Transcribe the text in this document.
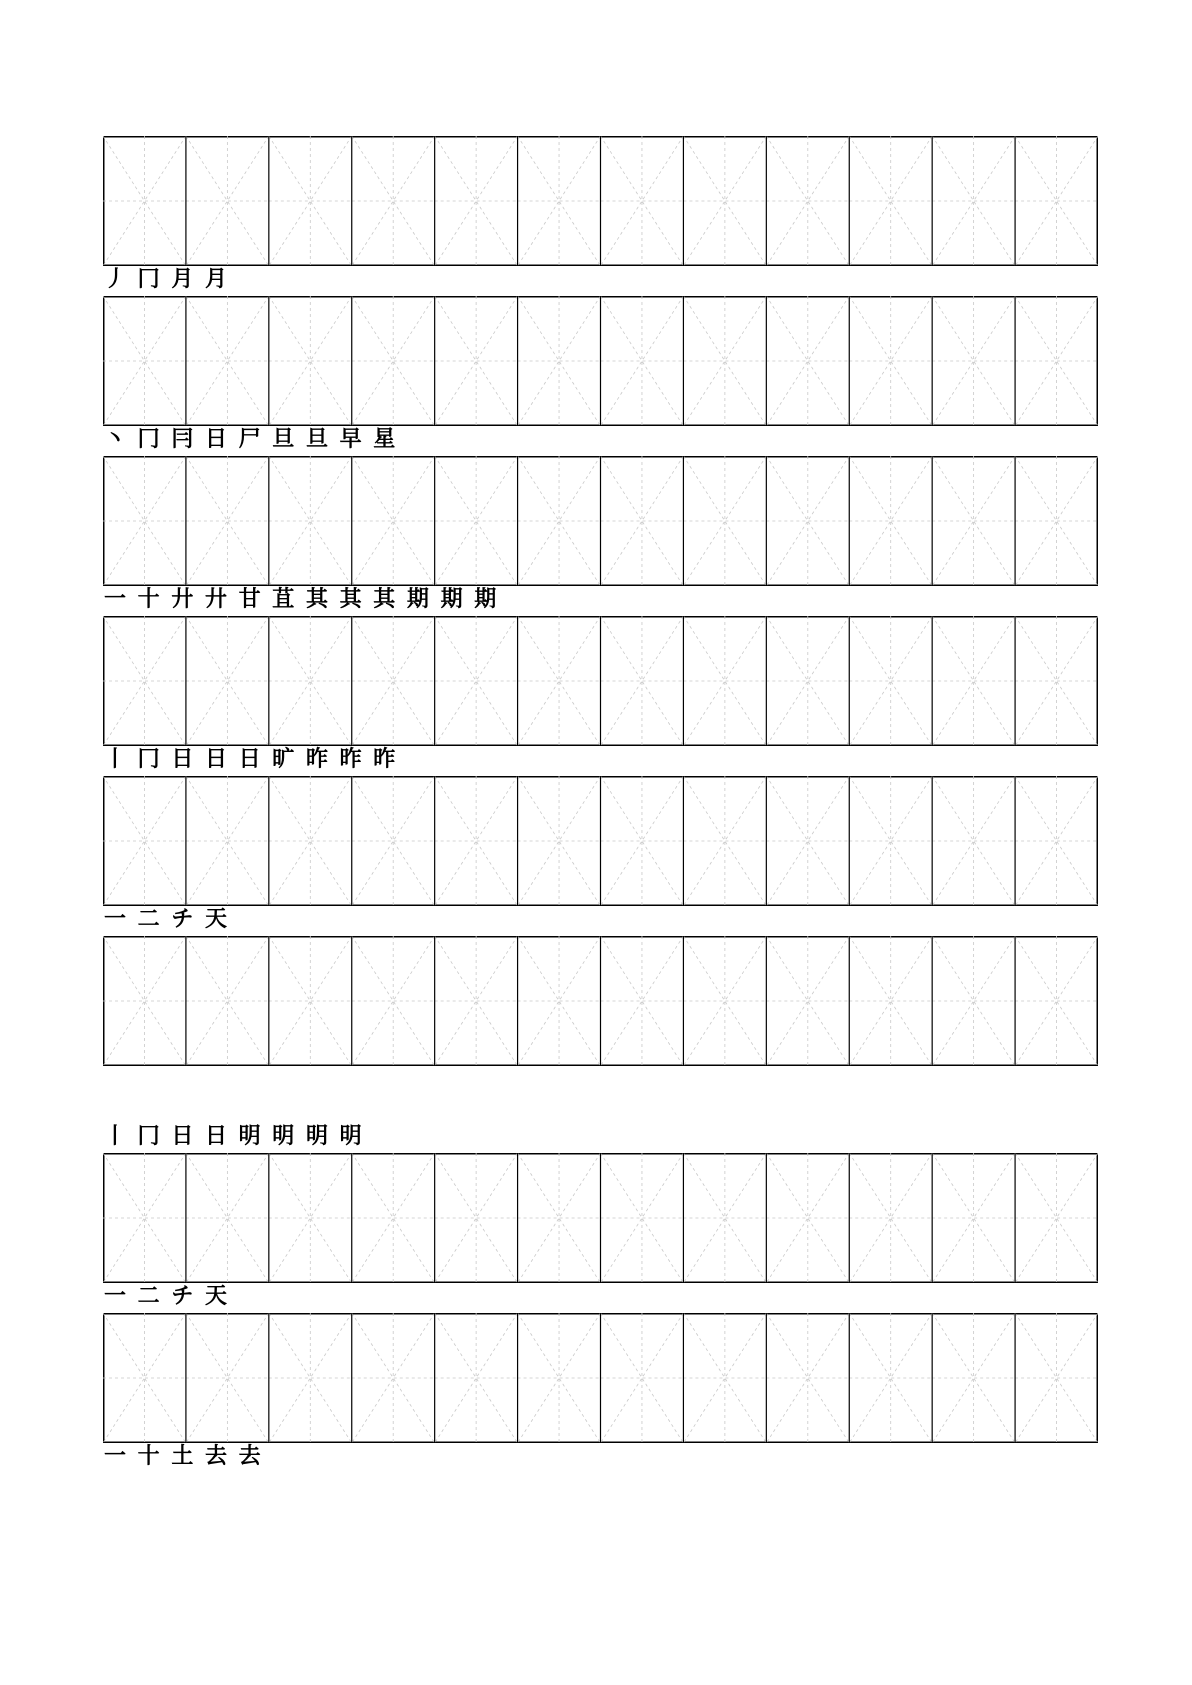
丿 冂 月 月
丶 冂 冃 日 尸 旦 旦 早 星
一 十 廾 廾 甘 苴 其 其 其 期 期 期
丨 冂 日 日 日 旷 昨 昨 昨
一 二 チ 天
丨 冂 日 日 明 明 明 明
一 二 チ 天
一 十 土 去 去
